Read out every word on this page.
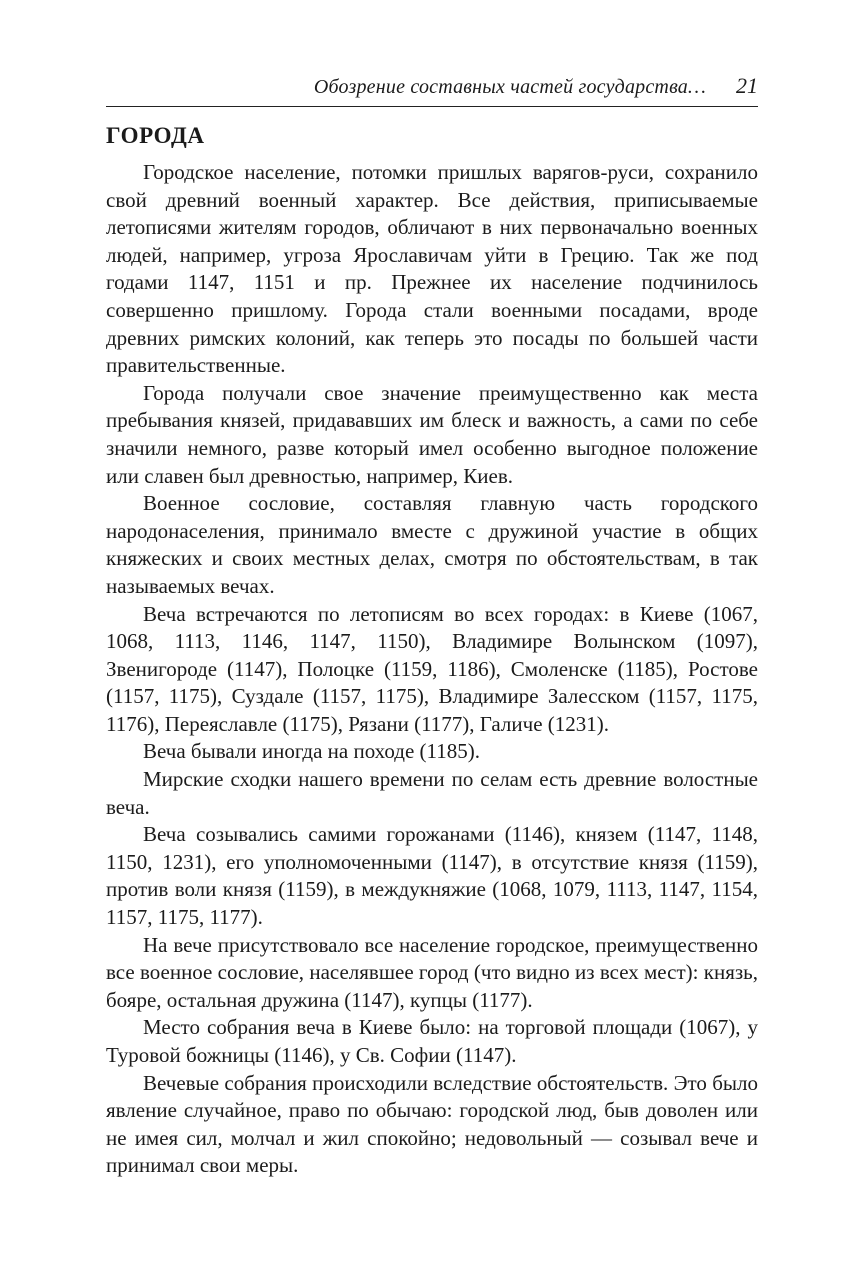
Обозрение составных частей государства… 21
ГОРОДА

Городское население, потомки пришлых варягов-руси, сохранило свой древний военный характер. Все действия, приписываемые летописями жителям городов, обличают в них первоначально военных людей, например, угроза Ярославичам уйти в Грецию. Так же под годами 1147, 1151 и пр. Прежнее их население подчинилось совершенно пришлому. Города стали военными посадами, вроде древних римских колоний, как теперь это посады по большей части правительственные.

Города получали свое значение преимущественно как места пребывания князей, придававших им блеск и важность, а сами по себе значили немного, разве который имел особенно выгодное положение или славен был древностью, например, Киев.

Военное сословие, составляя главную часть городского народонаселения, принимало вместе с дружиной участие в общих княжеских и своих местных делах, смотря по обстоятельствам, в так называемых вечах.

Веча встречаются по летописям во всех городах: в Киеве (1067, 1068, 1113, 1146, 1147, 1150), Владимире Волынском (1097), Звенигороде (1147), Полоцке (1159, 1186), Смоленске (1185), Ростове (1157, 1175), Суздале (1157, 1175), Владимире Залесском (1157, 1175, 1176), Переяславле (1175), Рязани (1177), Галиче (1231).

Веча бывали иногда на походе (1185).

Мирские сходки нашего времени по селам есть древние волостные веча.

Веча созывались самими горожанами (1146), князем (1147, 1148, 1150, 1231), его уполномоченными (1147), в отсутствие князя (1159), против воли князя (1159), в междукняжие (1068, 1079, 1113, 1147, 1154, 1157, 1175, 1177).

На вече присутствовало все население городское, преимущественно все военное сословие, населявшее город (что видно из всех мест): князь, бояре, остальная дружина (1147), купцы (1177).

Место собрания веча в Киеве было: на торговой площади (1067), у Туровой божницы (1146), у Св. Софии (1147).

Вечевые собрания происходили вследствие обстоятельств. Это было явление случайное, право по обычаю: городской люд, быв доволен или не имея сил, молчал и жил спокойно; недовольный — созывал вече и принимал свои меры.
